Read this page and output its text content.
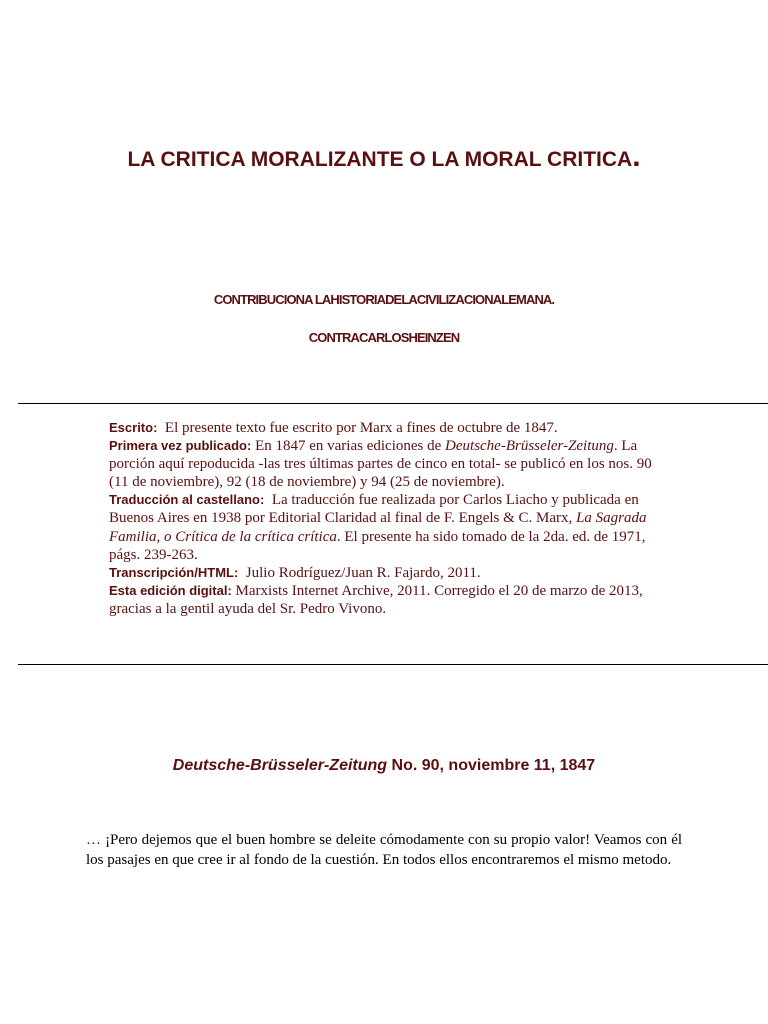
LA CRITICA MORALIZANTE O LA MORAL CRITICA.

CONTRIBUCIONA LAHISTORIADELACIVILIZACIONALEMANA.

CONTRACARLOSHEINZEN

Escrito: El presente texto fue escrito por Marx a fines de octubre de 1847.

Primera vez publicado: En 1847 en varias ediciones de Deutsche-Brüsseler-Zeitung. La porción aquí repoducida -las tres últimas partes de cinco en total- se publicó en los nos. 90 (11 de noviembre), 92 (18 de noviembre) y 94 (25 de noviembre).

Traducción al castellano: La traducción fue realizada por Carlos Liacho y publicada en Buenos Aires en 1938 por Editorial Claridad al final de F. Engels & C. Marx, La Sagrada Familia, o Crítica de la crítica crítica. El presente ha sido tomado de la 2da. ed. de 1971, págs. 239-263.

Transcripción/HTML: Julio Rodríguez/Juan R. Fajardo, 2011.

Esta edición digital: Marxists Internet Archive, 2011. Corregido el 20 de marzo de 2013, gracias a la gentil ayuda del Sr. Pedro Vivono.

Deutsche-Brüsseler-Zeitung No. 90, noviembre 11, 1847

… ¡Pero dejemos que el buen hombre se deleite cómodamente con su propio valor! Veamos con él los pasajes en que cree ir al fondo de la cuestión. En todos ellos encontraremos el mismo metodo.
